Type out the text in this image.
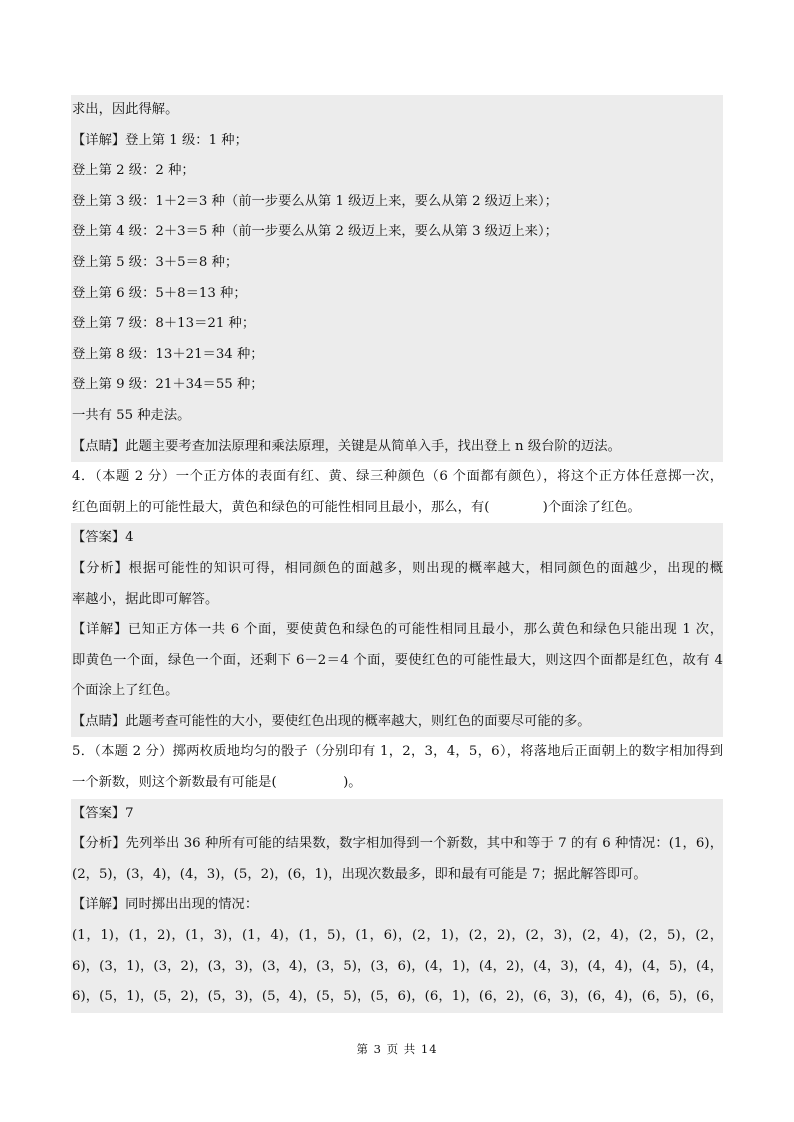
求出，因此得解。
【详解】登上第 1 级：1 种；
登上第 2 级：2 种；
登上第 3 级：1＋2＝3 种（前一步要么从第 1 级迈上来，要么从第 2 级迈上来）；
登上第 4 级：2＋3＝5 种（前一步要么从第 2 级迈上来，要么从第 3 级迈上来）；
登上第 5 级：3＋5＝8 种；
登上第 6 级：5＋8＝13 种；
登上第 7 级：8＋13＝21 种；
登上第 8 级：13＋21＝34 种；
登上第 9 级：21＋34＝55 种；
一共有 55 种走法。
【点睛】此题主要考查加法原理和乘法原理，关键是从简单入手，找出登上 n 级台阶的迈法。
4．（本题 2 分）一个正方体的表面有红、黄、绿三种颜色（6 个面都有颜色），将这个正方体任意掷一次，
红色面朝上的可能性最大，黄色和绿色的可能性相同且最小，那么，有(　　　　)个面涂了红色。
【答案】4
【分析】根据可能性的知识可得，相同颜色的面越多，则出现的概率越大，相同颜色的面越少，出现的概
率越小，据此即可解答。
【详解】已知正方体一共 6 个面，要使黄色和绿色的可能性相同且最小，那么黄色和绿色只能出现 1 次，
即黄色一个面，绿色一个面，还剩下 6－2＝4 个面，要使红色的可能性最大，则这四个面都是红色，故有 4
个面涂上了红色。
【点睛】此题考查可能性的大小，要使红色出现的概率越大，则红色的面要尽可能的多。
5．（本题 2 分）掷两枚质地均匀的骰子（分别印有 1，2，3，4，5，6），将落地后正面朝上的数字相加得到
一个新数，则这个新数最有可能是(　　　　　)。
【答案】7
【分析】先列举出 36 种所有可能的结果数，数字相加得到一个新数，其中和等于 7 的有 6 种情况：(1，6)，
(2，5)，(3，4)，(4，3)，(5，2)，(6，1)，出现次数最多，即和最有可能是 7；据此解答即可。
【详解】同时掷出出现的情况：
(1，1)，(1，2)，(1，3)，(1，4)，(1，5)，(1，6)，(2，1)，(2，2)，(2，3)，(2，4)，(2，5)，(2，
6)，(3，1)，(3，2)，(3，3)，(3，4)，(3，5)，(3，6)，(4，1)，(4，2)，(4，3)，(4，4)，(4，5)，(4，
6)，(5，1)，(5，2)，(5，3)，(5，4)，(5，5)，(5，6)，(6，1)，(6，2)，(6，3)，(6，4)，(6，5)，(6，
第 3 页 共 14
